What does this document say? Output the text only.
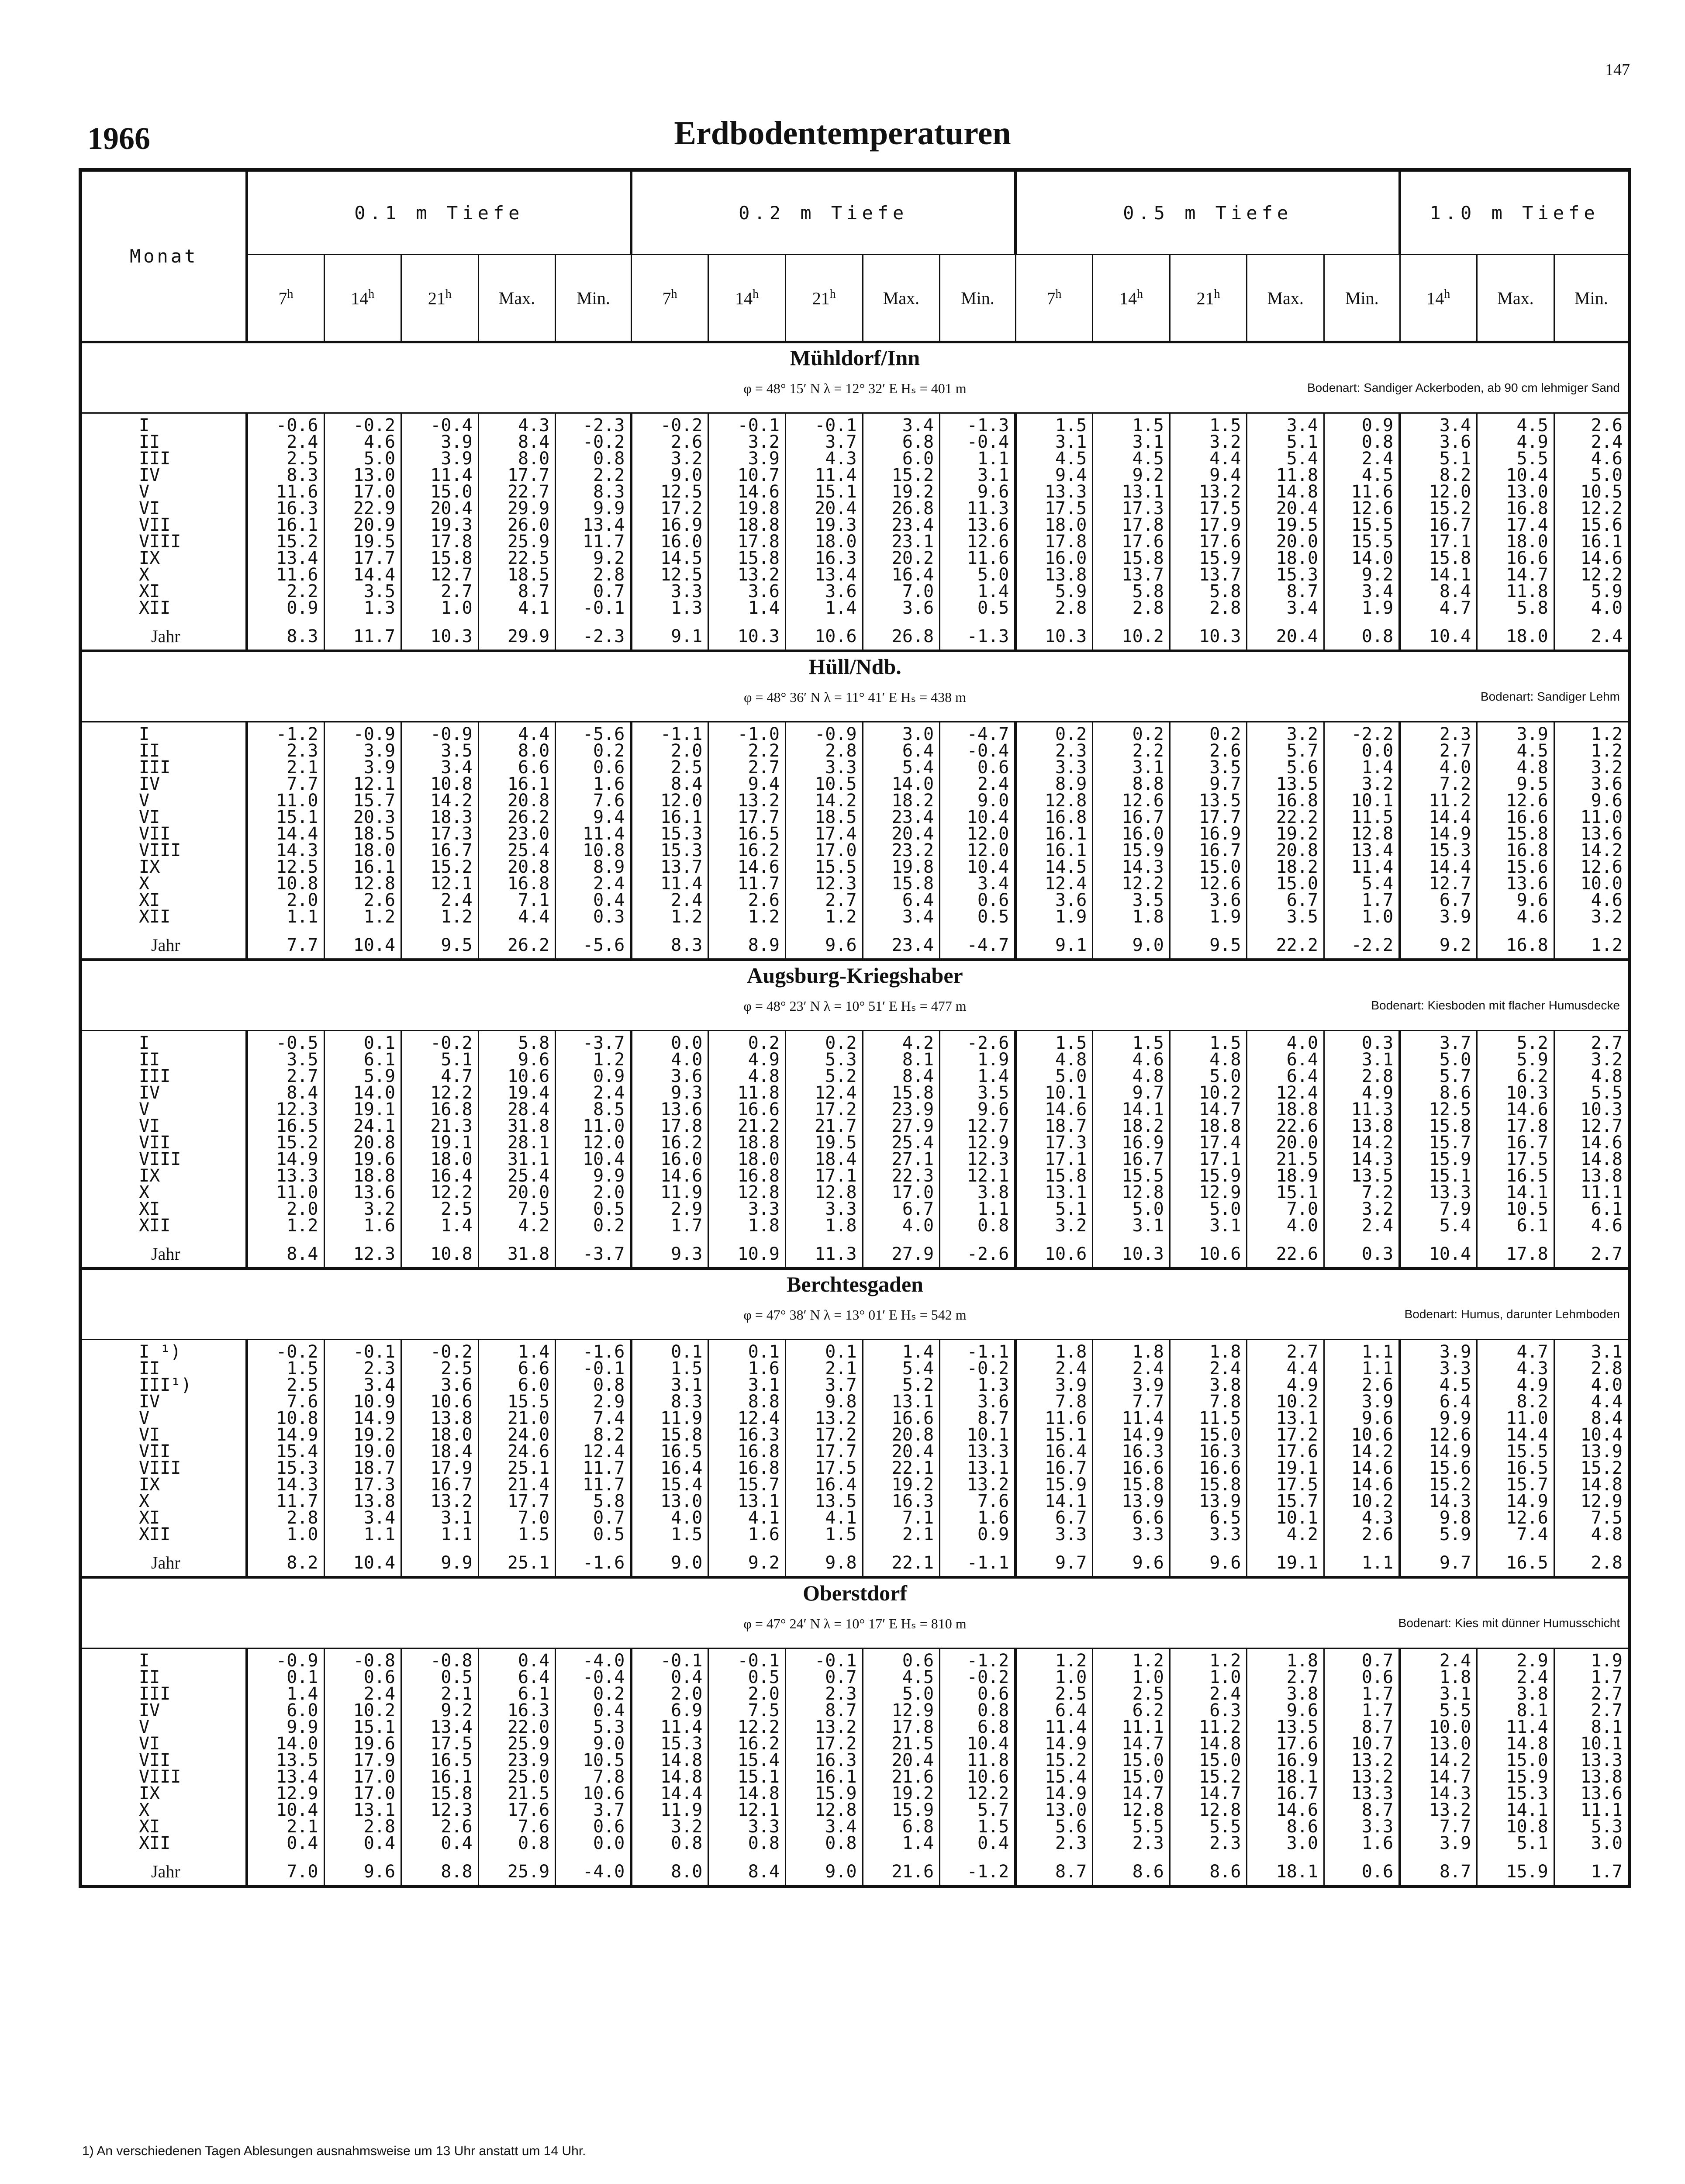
147
1966	Erdbodentemperaturen
Monat	0.1 m Tiefe					0.2 m Tiefe					0.5 m Tiefe					1.0 m Tiefe		
	7$^h$	14$^h$	21$^h$	Max.	Min.	7$^h$	14$^h$	21$^h$	Max.	Min.	7$^h$	14$^h$	21$^h$	Max.	Min.	14$^h$	Max.	Min.

Mühldorf/Inn
φ = 48° 15′ N λ = 12° 32′ E Hₛ = 401 m Bodenart: Sandiger Ackerboden, ab 90 cm lehmiger Sand																		

I	-0.6	-0.2	-0.4	4.3	-2.3	-0.2	-0.1	-0.1	3.4	-1.3	1.5	1.5	1.5	3.4	0.9	3.4	4.5	2.6
II	2.4	4.6	3.9	8.4	-0.2	2.6	3.2	3.7	6.8	-0.4	3.1	3.1	3.2	5.1	0.8	3.6	4.9	2.4
III	2.5	5.0	3.9	8.0	0.8	3.2	3.9	4.3	6.0	1.1	4.5	4.5	4.4	5.4	2.4	5.1	5.5	4.6
IV	8.3	13.0	11.4	17.7	2.2	9.0	10.7	11.4	15.2	3.1	9.4	9.2	9.4	11.8	4.5	8.2	10.4	5.0
V	11.6	17.0	15.0	22.7	8.3	12.5	14.6	15.1	19.2	9.6	13.3	13.1	13.2	14.8	11.6	12.0	13.0	10.5
VI	16.3	22.9	20.4	29.9	9.9	17.2	19.8	20.4	26.8	11.3	17.5	17.3	17.5	20.4	12.6	15.2	16.8	12.2
VII	16.1	20.9	19.3	26.0	13.4	16.9	18.8	19.3	23.4	13.6	18.0	17.8	17.9	19.5	15.5	16.7	17.4	15.6
VIII	15.2	19.5	17.8	25.9	11.7	16.0	17.8	18.0	23.1	12.6	17.8	17.6	17.6	20.0	15.5	17.1	18.0	16.1
IX	13.4	17.7	15.8	22.5	9.2	14.5	15.8	16.3	20.2	11.6	16.0	15.8	15.9	18.0	14.0	15.8	16.6	14.6
X	11.6	14.4	12.7	18.5	2.8	12.5	13.2	13.4	16.4	5.0	13.8	13.7	13.7	15.3	9.2	14.1	14.7	12.2
XI	2.2	3.5	2.7	8.7	0.7	3.3	3.6	3.6	7.0	1.4	5.9	5.8	5.8	8.7	3.4	8.4	11.8	5.9
XII	0.9	1.3	1.0	4.1	-0.1	1.3	1.4	1.4	3.6	0.5	2.8	2.8	2.8	3.4	1.9	4.7	5.8	4.0

Jahr	8.3	11.7	10.3	29.9	-2.3	9.1	10.3	10.6	26.8	-1.3	10.3	10.2	10.3	20.4	0.8	10.4	18.0	2.4

Hüll/Ndb.
φ = 48° 36′ N λ = 11° 41′ E Hₛ = 438 m Bodenart: Sandiger Lehm																		

I	-1.2	-0.9	-0.9	4.4	-5.6	-1.1	-1.0	-0.9	3.0	-4.7	0.2	0.2	0.2	3.2	-2.2	2.3	3.9	1.2
II	2.3	3.9	3.5	8.0	0.2	2.0	2.2	2.8	6.4	-0.4	2.3	2.2	2.6	5.7	0.0	2.7	4.5	1.2
III	2.1	3.9	3.4	6.6	0.6	2.5	2.7	3.3	5.4	0.6	3.3	3.1	3.5	5.6	1.4	4.0	4.8	3.2
IV	7.7	12.1	10.8	16.1	1.6	8.4	9.4	10.5	14.0	2.4	8.9	8.8	9.7	13.5	3.2	7.2	9.5	3.6
V	11.0	15.7	14.2	20.8	7.6	12.0	13.2	14.2	18.2	9.0	12.8	12.6	13.5	16.8	10.1	11.2	12.6	9.6
VI	15.1	20.3	18.3	26.2	9.4	16.1	17.7	18.5	23.4	10.4	16.8	16.7	17.7	22.2	11.5	14.4	16.6	11.0
VII	14.4	18.5	17.3	23.0	11.4	15.3	16.5	17.4	20.4	12.0	16.1	16.0	16.9	19.2	12.8	14.9	15.8	13.6
VIII	14.3	18.0	16.7	25.4	10.8	15.3	16.2	17.0	23.2	12.0	16.1	15.9	16.7	20.8	13.4	15.3	16.8	14.2
IX	12.5	16.1	15.2	20.8	8.9	13.7	14.6	15.5	19.8	10.4	14.5	14.3	15.0	18.2	11.4	14.4	15.6	12.6
X	10.8	12.8	12.1	16.8	2.4	11.4	11.7	12.3	15.8	3.4	12.4	12.2	12.6	15.0	5.4	12.7	13.6	10.0
XI	2.0	2.6	2.4	7.1	0.4	2.4	2.6	2.7	6.4	0.6	3.6	3.5	3.6	6.7	1.7	6.7	9.6	4.6
XII	1.1	1.2	1.2	4.4	0.3	1.2	1.2	1.2	3.4	0.5	1.9	1.8	1.9	3.5	1.0	3.9	4.6	3.2

Jahr	7.7	10.4	9.5	26.2	-5.6	8.3	8.9	9.6	23.4	-4.7	9.1	9.0	9.5	22.2	-2.2	9.2	16.8	1.2

Augsburg-Kriegshaber
φ = 48° 23′ N λ = 10° 51′ E Hₛ = 477 m Bodenart: Kiesboden mit flacher Humusdecke																		

I	-0.5	0.1	-0.2	5.8	-3.7	0.0	0.2	0.2	4.2	-2.6	1.5	1.5	1.5	4.0	0.3	3.7	5.2	2.7
II	3.5	6.1	5.1	9.6	1.2	4.0	4.9	5.3	8.1	1.9	4.8	4.6	4.8	6.4	3.1	5.0	5.9	3.2
III	2.7	5.9	4.7	10.6	0.9	3.6	4.8	5.2	8.4	1.4	5.0	4.8	5.0	6.4	2.8	5.7	6.2	4.8
IV	8.4	14.0	12.2	19.4	2.4	9.3	11.8	12.4	15.8	3.5	10.1	9.7	10.2	12.4	4.9	8.6	10.3	5.5
V	12.3	19.1	16.8	28.4	8.5	13.6	16.6	17.2	23.9	9.6	14.6	14.1	14.7	18.8	11.3	12.5	14.6	10.3
VI	16.5	24.1	21.3	31.8	11.0	17.8	21.2	21.7	27.9	12.7	18.7	18.2	18.8	22.6	13.8	15.8	17.8	12.7
VII	15.2	20.8	19.1	28.1	12.0	16.2	18.8	19.5	25.4	12.9	17.3	16.9	17.4	20.0	14.2	15.7	16.7	14.6
VIII	14.9	19.6	18.0	31.1	10.4	16.0	18.0	18.4	27.1	12.3	17.1	16.7	17.1	21.5	14.3	15.9	17.5	14.8
IX	13.3	18.8	16.4	25.4	9.9	14.6	16.8	17.1	22.3	12.1	15.8	15.5	15.9	18.9	13.5	15.1	16.5	13.8
X	11.0	13.6	12.2	20.0	2.0	11.9	12.8	12.8	17.0	3.8	13.1	12.8	12.9	15.1	7.2	13.3	14.1	11.1
XI	2.0	3.2	2.5	7.5	0.5	2.9	3.3	3.3	6.7	1.1	5.1	5.0	5.0	7.0	3.2	7.9	10.5	6.1
XII	1.2	1.6	1.4	4.2	0.2	1.7	1.8	1.8	4.0	0.8	3.2	3.1	3.1	4.0	2.4	5.4	6.1	4.6

Jahr	8.4	12.3	10.8	31.8	-3.7	9.3	10.9	11.3	27.9	-2.6	10.6	10.3	10.6	22.6	0.3	10.4	17.8	2.7

Berchtesgaden
φ = 47° 38′ N λ = 13° 01′ E Hₛ = 542 m Bodenart: Humus, darunter Lehmboden																		

I ¹)	-0.2	-0.1	-0.2	1.4	-1.6	0.1	0.1	0.1	1.4	-1.1	1.8	1.8	1.8	2.7	1.1	3.9	4.7	3.1
II	1.5	2.3	2.5	6.6	-0.1	1.5	1.6	2.1	5.4	-0.2	2.4	2.4	2.4	4.4	1.1	3.3	4.3	2.8
III¹)	2.5	3.4	3.6	6.0	0.8	3.1	3.1	3.7	5.2	1.3	3.9	3.9	3.8	4.9	2.6	4.5	4.9	4.0
IV	7.6	10.9	10.6	15.5	2.9	8.3	8.8	9.8	13.1	3.6	7.8	7.7	7.8	10.2	3.9	6.4	8.2	4.4
V	10.8	14.9	13.8	21.0	7.4	11.9	12.4	13.2	16.6	8.7	11.6	11.4	11.5	13.1	9.6	9.9	11.0	8.4
VI	14.9	19.2	18.0	24.0	8.2	15.8	16.3	17.2	20.8	10.1	15.1	14.9	15.0	17.2	10.6	12.6	14.4	10.4
VII	15.4	19.0	18.4	24.6	12.4	16.5	16.8	17.7	20.4	13.3	16.4	16.3	16.3	17.6	14.2	14.9	15.5	13.9
VIII	15.3	18.7	17.9	25.1	11.7	16.4	16.8	17.5	22.1	13.1	16.7	16.6	16.6	19.1	14.6	15.6	16.5	15.2
IX	14.3	17.3	16.7	21.4	11.7	15.4	15.7	16.4	19.2	13.2	15.9	15.8	15.8	17.5	14.6	15.2	15.7	14.8
X	11.7	13.8	13.2	17.7	5.8	13.0	13.1	13.5	16.3	7.6	14.1	13.9	13.9	15.7	10.2	14.3	14.9	12.9
XI	2.8	3.4	3.1	7.0	0.7	4.0	4.1	4.1	7.1	1.6	6.7	6.6	6.5	10.1	4.3	9.8	12.6	7.5
XII	1.0	1.1	1.1	1.5	0.5	1.5	1.6	1.5	2.1	0.9	3.3	3.3	3.3	4.2	2.6	5.9	7.4	4.8

Jahr	8.2	10.4	9.9	25.1	-1.6	9.0	9.2	9.8	22.1	-1.1	9.7	9.6	9.6	19.1	1.1	9.7	16.5	2.8

Oberstdorf
φ = 47° 24′ N λ = 10° 17′ E Hₛ = 810 m Bodenart: Kies mit dünner Humusschicht																		

I	-0.9	-0.8	-0.8	0.4	-4.0	-0.1	-0.1	-0.1	0.6	-1.2	1.2	1.2	1.2	1.8	0.7	2.4	2.9	1.9
II	0.1	0.6	0.5	6.4	-0.4	0.4	0.5	0.7	4.5	-0.2	1.0	1.0	1.0	2.7	0.6	1.8	2.4	1.7
III	1.4	2.4	2.1	6.1	0.2	2.0	2.0	2.3	5.0	0.6	2.5	2.5	2.4	3.8	1.7	3.1	3.8	2.7
IV	6.0	10.2	9.2	16.3	0.4	6.9	7.5	8.7	12.9	0.8	6.4	6.2	6.3	9.6	1.7	5.5	8.1	2.7
V	9.9	15.1	13.4	22.0	5.3	11.4	12.2	13.2	17.8	6.8	11.4	11.1	11.2	13.5	8.7	10.0	11.4	8.1
VI	14.0	19.6	17.5	25.9	9.0	15.3	16.2	17.2	21.5	10.4	14.9	14.7	14.8	17.6	10.7	13.0	14.8	10.1
VII	13.5	17.9	16.5	23.9	10.5	14.8	15.4	16.3	20.4	11.8	15.2	15.0	15.0	16.9	13.2	14.2	15.0	13.3
VIII	13.4	17.0	16.1	25.0	7.8	14.8	15.1	16.1	21.6	10.6	15.4	15.0	15.2	18.1	13.2	14.7	15.9	13.8
IX	12.9	17.0	15.8	21.5	10.6	14.4	14.8	15.9	19.2	12.2	14.9	14.7	14.7	16.7	13.3	14.3	15.3	13.6
X	10.4	13.1	12.3	17.6	3.7	11.9	12.1	12.8	15.9	5.7	13.0	12.8	12.8	14.6	8.7	13.2	14.1	11.1
XI	2.1	2.8	2.6	7.6	0.6	3.2	3.3	3.4	6.8	1.5	5.6	5.5	5.5	8.6	3.3	7.7	10.8	5.3
XII	0.4	0.4	0.4	0.8	0.0	0.8	0.8	0.8	1.4	0.4	2.3	2.3	2.3	3.0	1.6	3.9	5.1	3.0

Jahr	7.0	9.6	8.8	25.9	-4.0	8.0	8.4	9.0	21.6	-1.2	8.7	8.6	8.6	18.1	0.6	8.7	15.9	1.7
1) An verschiedenen Tagen Ablesungen ausnahmsweise um 13 Uhr anstatt um 14 Uhr.
